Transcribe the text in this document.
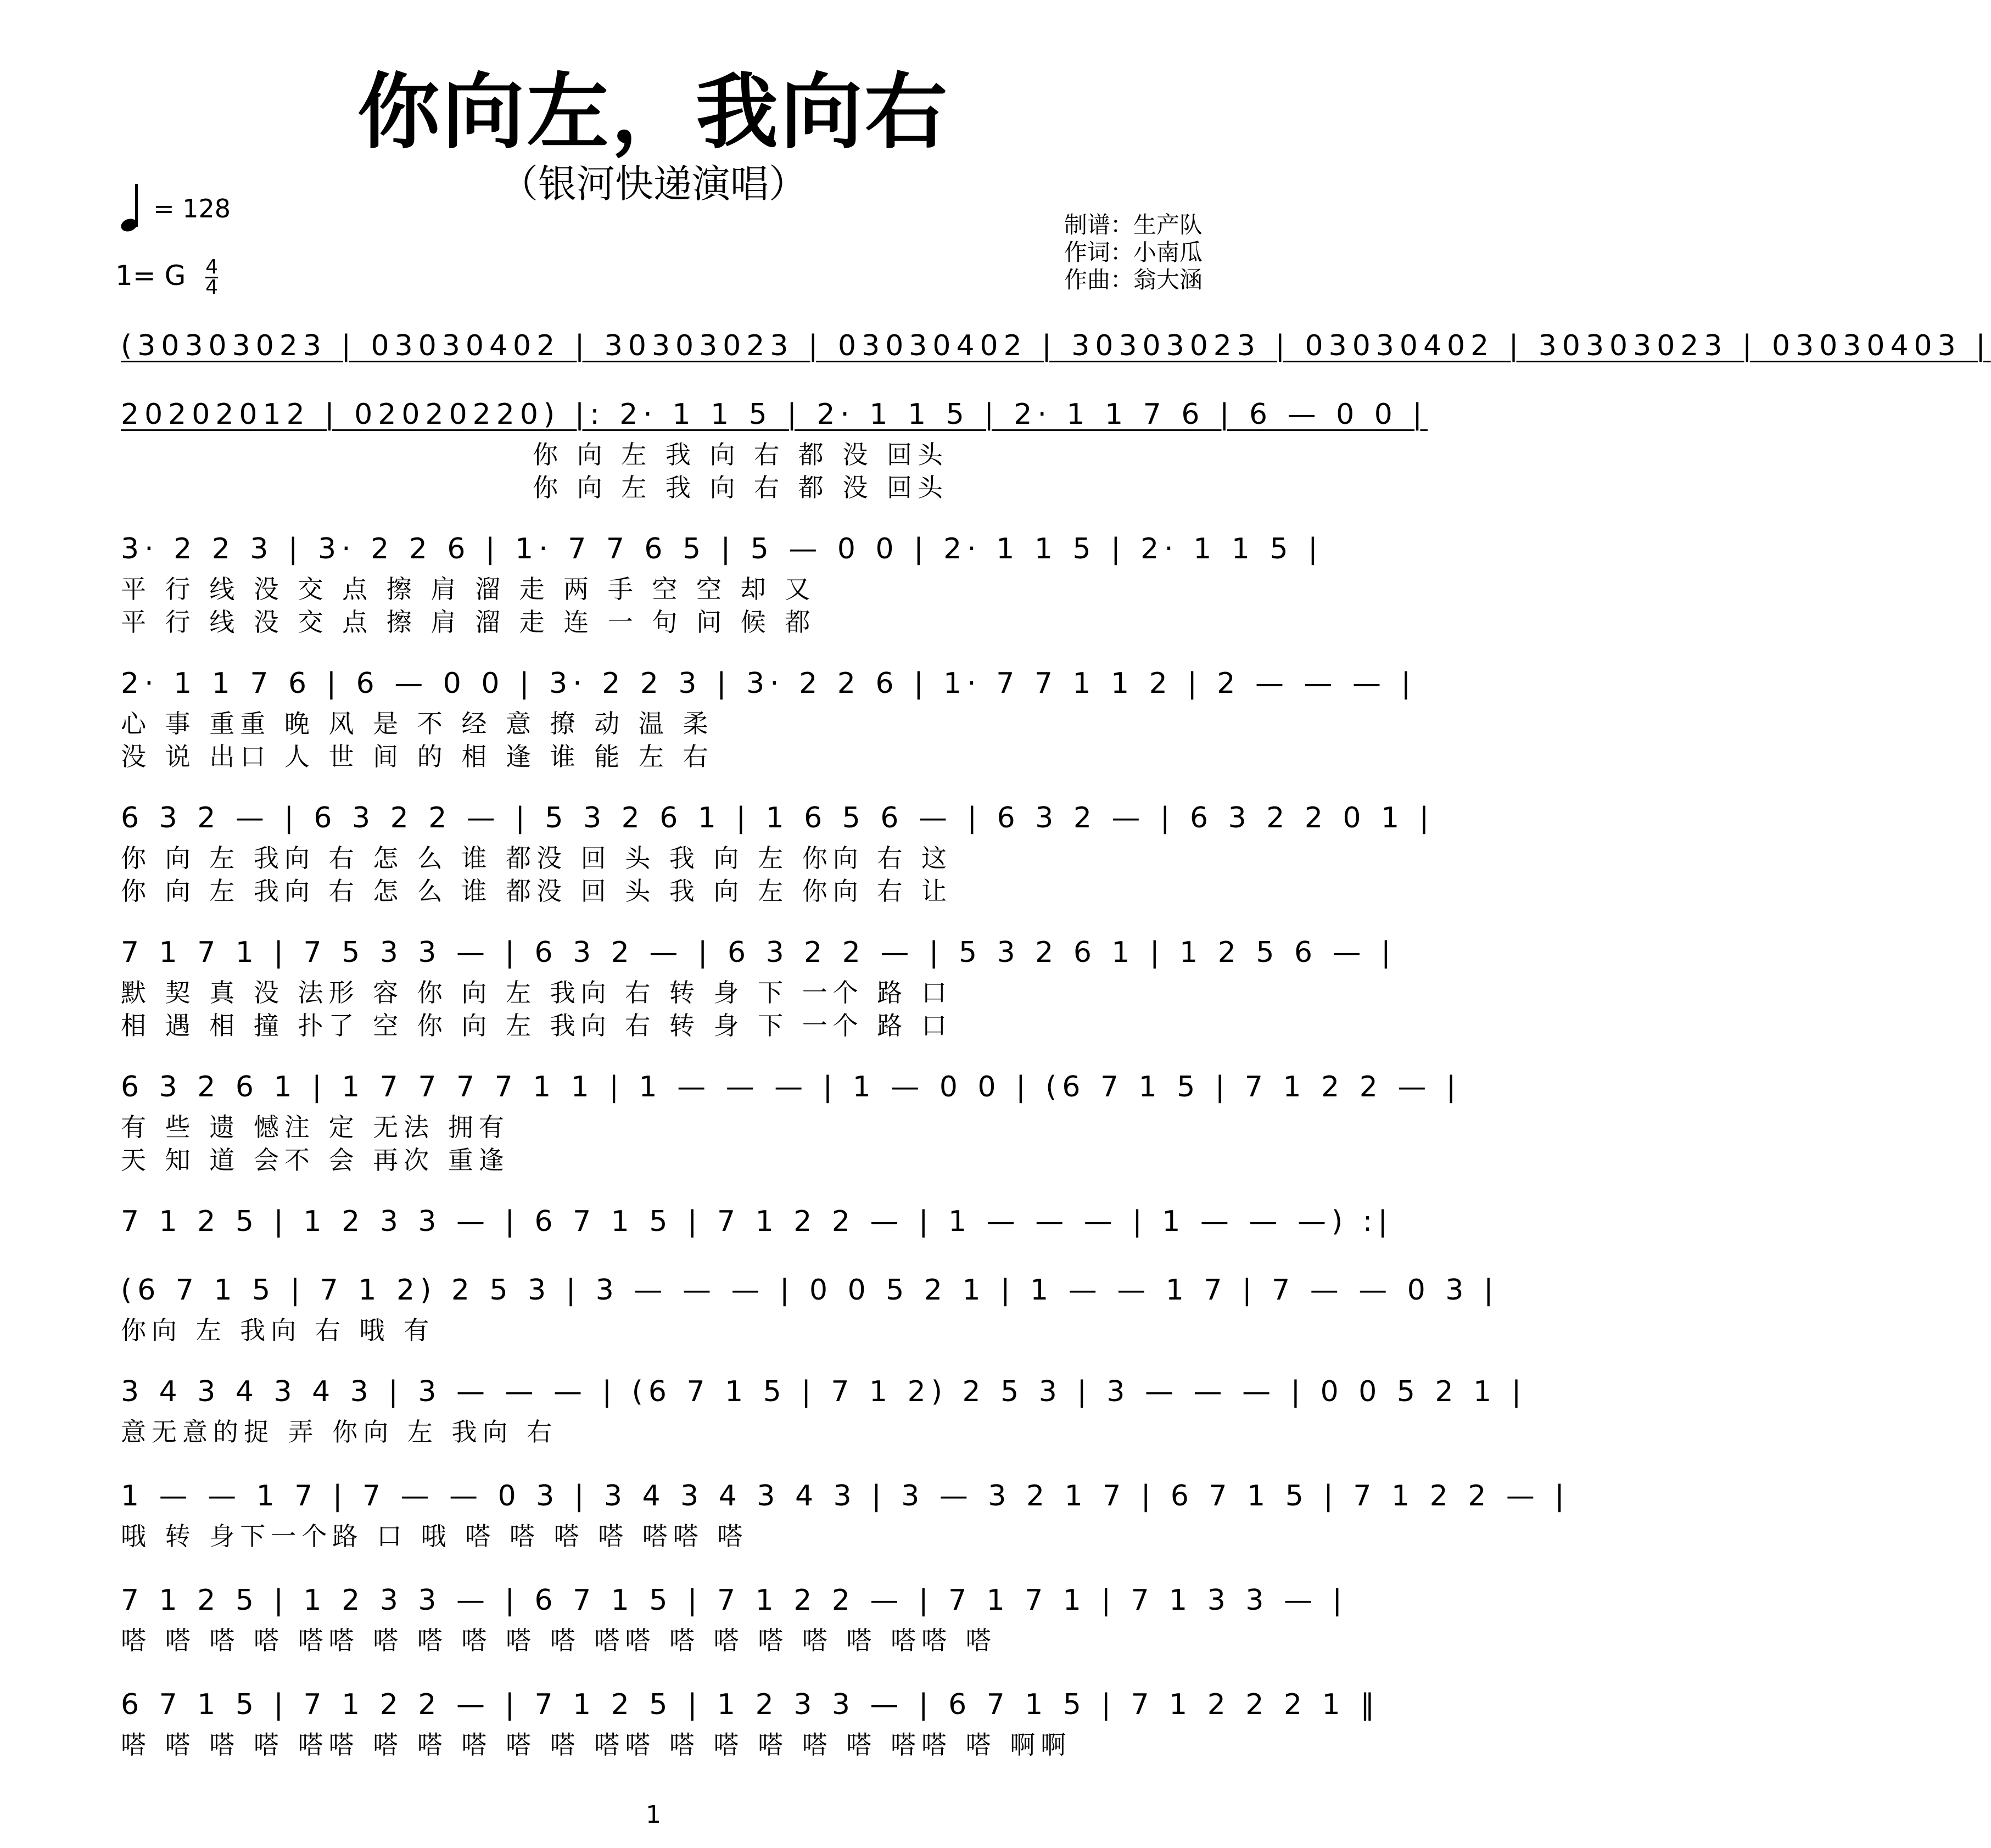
你向左，我向右
（银河快递演唱）
= 128
1= G $\frac{4}{4}$
制谱：生产队
作词：小南瓜
作曲：翁大涵
(30303023 | 03030402 | 30303023 | 03030402 | 30303023 | 03030402 | 30303023 | 03030403 |
20202012 | 02020220) |: 2· 1 1 5 | 2· 1 1 5 | 2· 1 1 7 6 | 6 — 0 0 |
你 向 左 我 向 右 都 没 回头
你 向 左 我 向 右 都 没 回头
3· 2 2 3 | 3· 2 2 6 | 1· 7 7 6 5 | 5 — 0 0 | 2· 1 1 5 | 2· 1 1 5 |
平 行 线 没 交 点 擦 肩 溜 走 两 手 空 空 却 又
平 行 线 没 交 点 擦 肩 溜 走 连 一 句 问 候 都
2· 1 1 7 6 | 6 — 0 0 | 3· 2 2 3 | 3· 2 2 6 | 1· 7 7 1 1 2 | 2 — — — |
心 事 重重 晚 风 是 不 经 意 撩 动 温 柔
没 说 出口 人 世 间 的 相 逢 谁 能 左 右
6 3 2 — | 6 3 2 2 — | 5 3 2 6 1 | 1 6 5 6 — | 6 3 2 — | 6 3 2 2 0 1 |
你 向 左 我向 右 怎 么 谁 都没 回 头 我 向 左 你向 右 这
你 向 左 我向 右 怎 么 谁 都没 回 头 我 向 左 你向 右 让
7 1 7 1 | 7 5 3 3 — | 6 3 2 — | 6 3 2 2 — | 5 3 2 6 1 | 1 2 5 6 — |
默 契 真 没 法形 容 你 向 左 我向 右 转 身 下 一个 路 口
相 遇 相 撞 扑了 空 你 向 左 我向 右 转 身 下 一个 路 口
6 3 2 6 1 | 1 7 7 7 7 1 1 | 1 — — — | 1 — 0 0 | (6 7 1 5 | 7 1 2 2 — |
有 些 遗 憾注 定 无法 拥有
天 知 道 会不 会 再次 重逢
7 1 2 5 | 1 2 3 3 — | 6 7 1 5 | 7 1 2 2 — | 1 — — — | 1 — — —) :|
(6 7 1 5 | 7 1 2) 2 5 3 | 3 — — — | 0 0 5 2 1 | 1 — — 1 7 | 7 — — 0 3 |
你向 左 我向 右 哦 有
3 4 3 4 3 4 3 | 3 — — — | (6 7 1 5 | 7 1 2) 2 5 3 | 3 — — — | 0 0 5 2 1 |
意无意的捉 弄 你向 左 我向 右
1 — — 1 7 | 7 — — 0 3 | 3 4 3 4 3 4 3 | 3 — 3 2 1 7 | 6 7 1 5 | 7 1 2 2 — |
哦 转 身下一个路 口 哦 嗒 嗒 嗒 嗒 嗒嗒 嗒
7 1 2 5 | 1 2 3 3 — | 6 7 1 5 | 7 1 2 2 — | 7 1 7 1 | 7 1 3 3 — |
嗒 嗒 嗒 嗒 嗒嗒 嗒 嗒 嗒 嗒 嗒 嗒嗒 嗒 嗒 嗒 嗒 嗒 嗒嗒 嗒
6 7 1 5 | 7 1 2 2 — | 7 1 2 5 | 1 2 3 3 — | 6 7 1 5 | 7 1 2 2 2 1 ‖
嗒 嗒 嗒 嗒 嗒嗒 嗒 嗒 嗒 嗒 嗒 嗒嗒 嗒 嗒 嗒 嗒 嗒 嗒嗒 嗒 啊啊
1
